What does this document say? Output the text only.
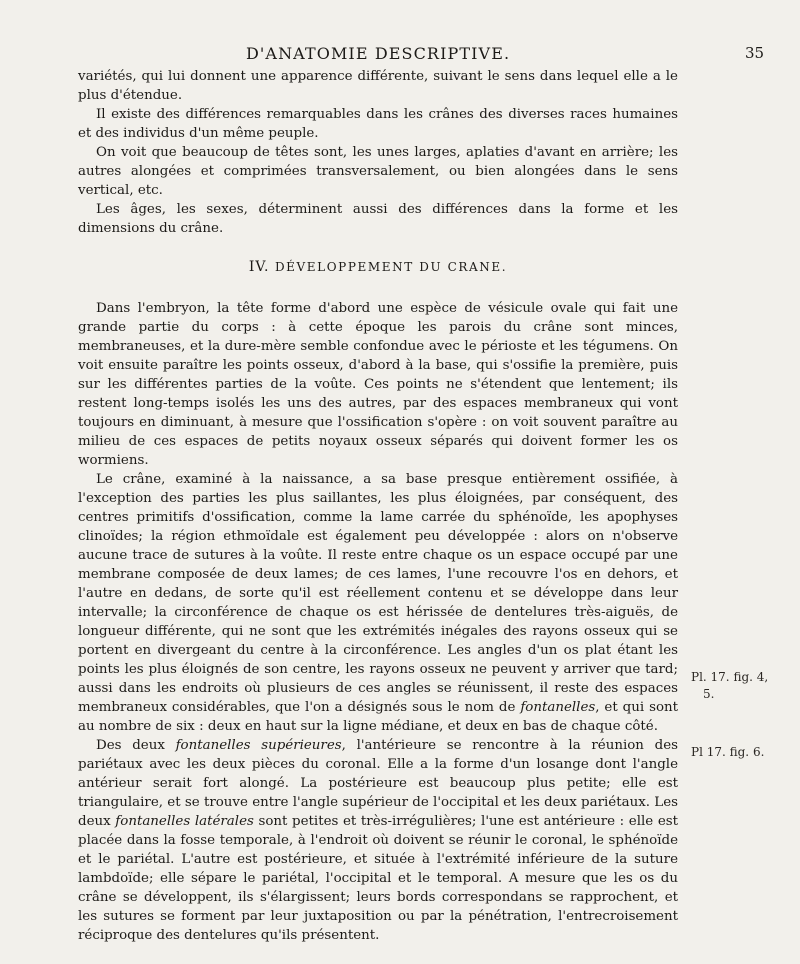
D'ANATOMIE DESCRIPTIVE.	35

variétés, qui lui donnent une apparence différente, suivant le sens dans lequel elle a le plus d'étendue.

Il existe des différences remarquables dans les crânes des diverses races humaines et des individus d'un même peuple.

On voit que beaucoup de têtes sont, les unes larges, aplaties d'avant en arrière; les autres alongées et comprimées transversalement, ou bien alongées dans le sens vertical, etc.

Les âges, les sexes, déterminent aussi des différences dans la forme et les dimensions du crâne.

IV. DÉVELOPPEMENT DU CRANE.

Dans l'embryon, la tête forme d'abord une espèce de vésicule ovale qui fait une grande partie du corps : à cette époque les parois du crâne sont minces, membraneuses, et la dure-mère semble confondue avec le périoste et les tégumens. On voit ensuite paraître les points osseux, d'abord à la base, qui s'ossifie la première, puis sur les différentes parties de la voûte. Ces points ne s'étendent que lentement; ils restent long-temps isolés les uns des autres, par des espaces membraneux qui vont toujours en diminuant, à mesure que l'ossification s'opère : on voit souvent paraître au milieu de ces espaces de petits noyaux osseux séparés qui doivent former les os wormiens.

Le crâne, examiné à la naissance, a sa base presque entièrement ossifiée, à l'exception des parties les plus saillantes, les plus éloignées, par conséquent, des centres primitifs d'ossification, comme la lame carrée du sphénoïde, les apophyses clinoïdes; la région ethmoïdale est également peu développée : alors on n'observe aucune trace de sutures à la voûte. Il reste entre chaque os un espace occupé par une membrane composée de deux lames; de ces lames, l'une recouvre l'os en dehors, et l'autre en dedans, de sorte qu'il est réellement contenu et se développe dans leur intervalle; la circonférence de chaque os est hérissée de dentelures très-aiguës, de longueur différente, qui ne sont que les extrémités inégales des rayons osseux qui se portent en divergeant du centre à la circonférence. Les angles d'un os plat étant les points les plus éloignés de son centre, les rayons osseux ne peuvent y arriver que tard; aussi dans les endroits où plusieurs de ces angles se réunissent, il reste des espaces membraneux considérables, que l'on a désignés sous le nom de fontanelles, et qui sont au nombre de six : deux en haut sur la ligne médiane, et deux en bas de chaque côté.

Des deux fontanelles supérieures, l'antérieure se rencontre à la réunion des pariétaux avec les deux pièces du coronal. Elle a la forme d'un losange dont l'angle antérieur serait fort alongé. La postérieure est beaucoup plus petite; elle est triangulaire, et se trouve entre l'angle supérieur de l'occipital et les deux pariétaux. Les deux fontanelles latérales sont petites et très-irrégulières; l'une est antérieure : elle est placée dans la fosse temporale, à l'endroit où doivent se réunir le coronal, le sphénoïde et le pariétal. L'autre est postérieure, et située à l'extrémité inférieure de la suture lambdoïde; elle sépare le pariétal, l'occipital et le temporal. A mesure que les os du crâne se développent, ils s'élargissent; leurs bords correspondans se rapprochent, et les sutures se forment par leur juxtaposition ou par la pénétration, l'entrecroisement réciproque des dentelures qu'ils présentent.

Pl. 17. fig. 4,
5.
Pl 17. fig. 6.
